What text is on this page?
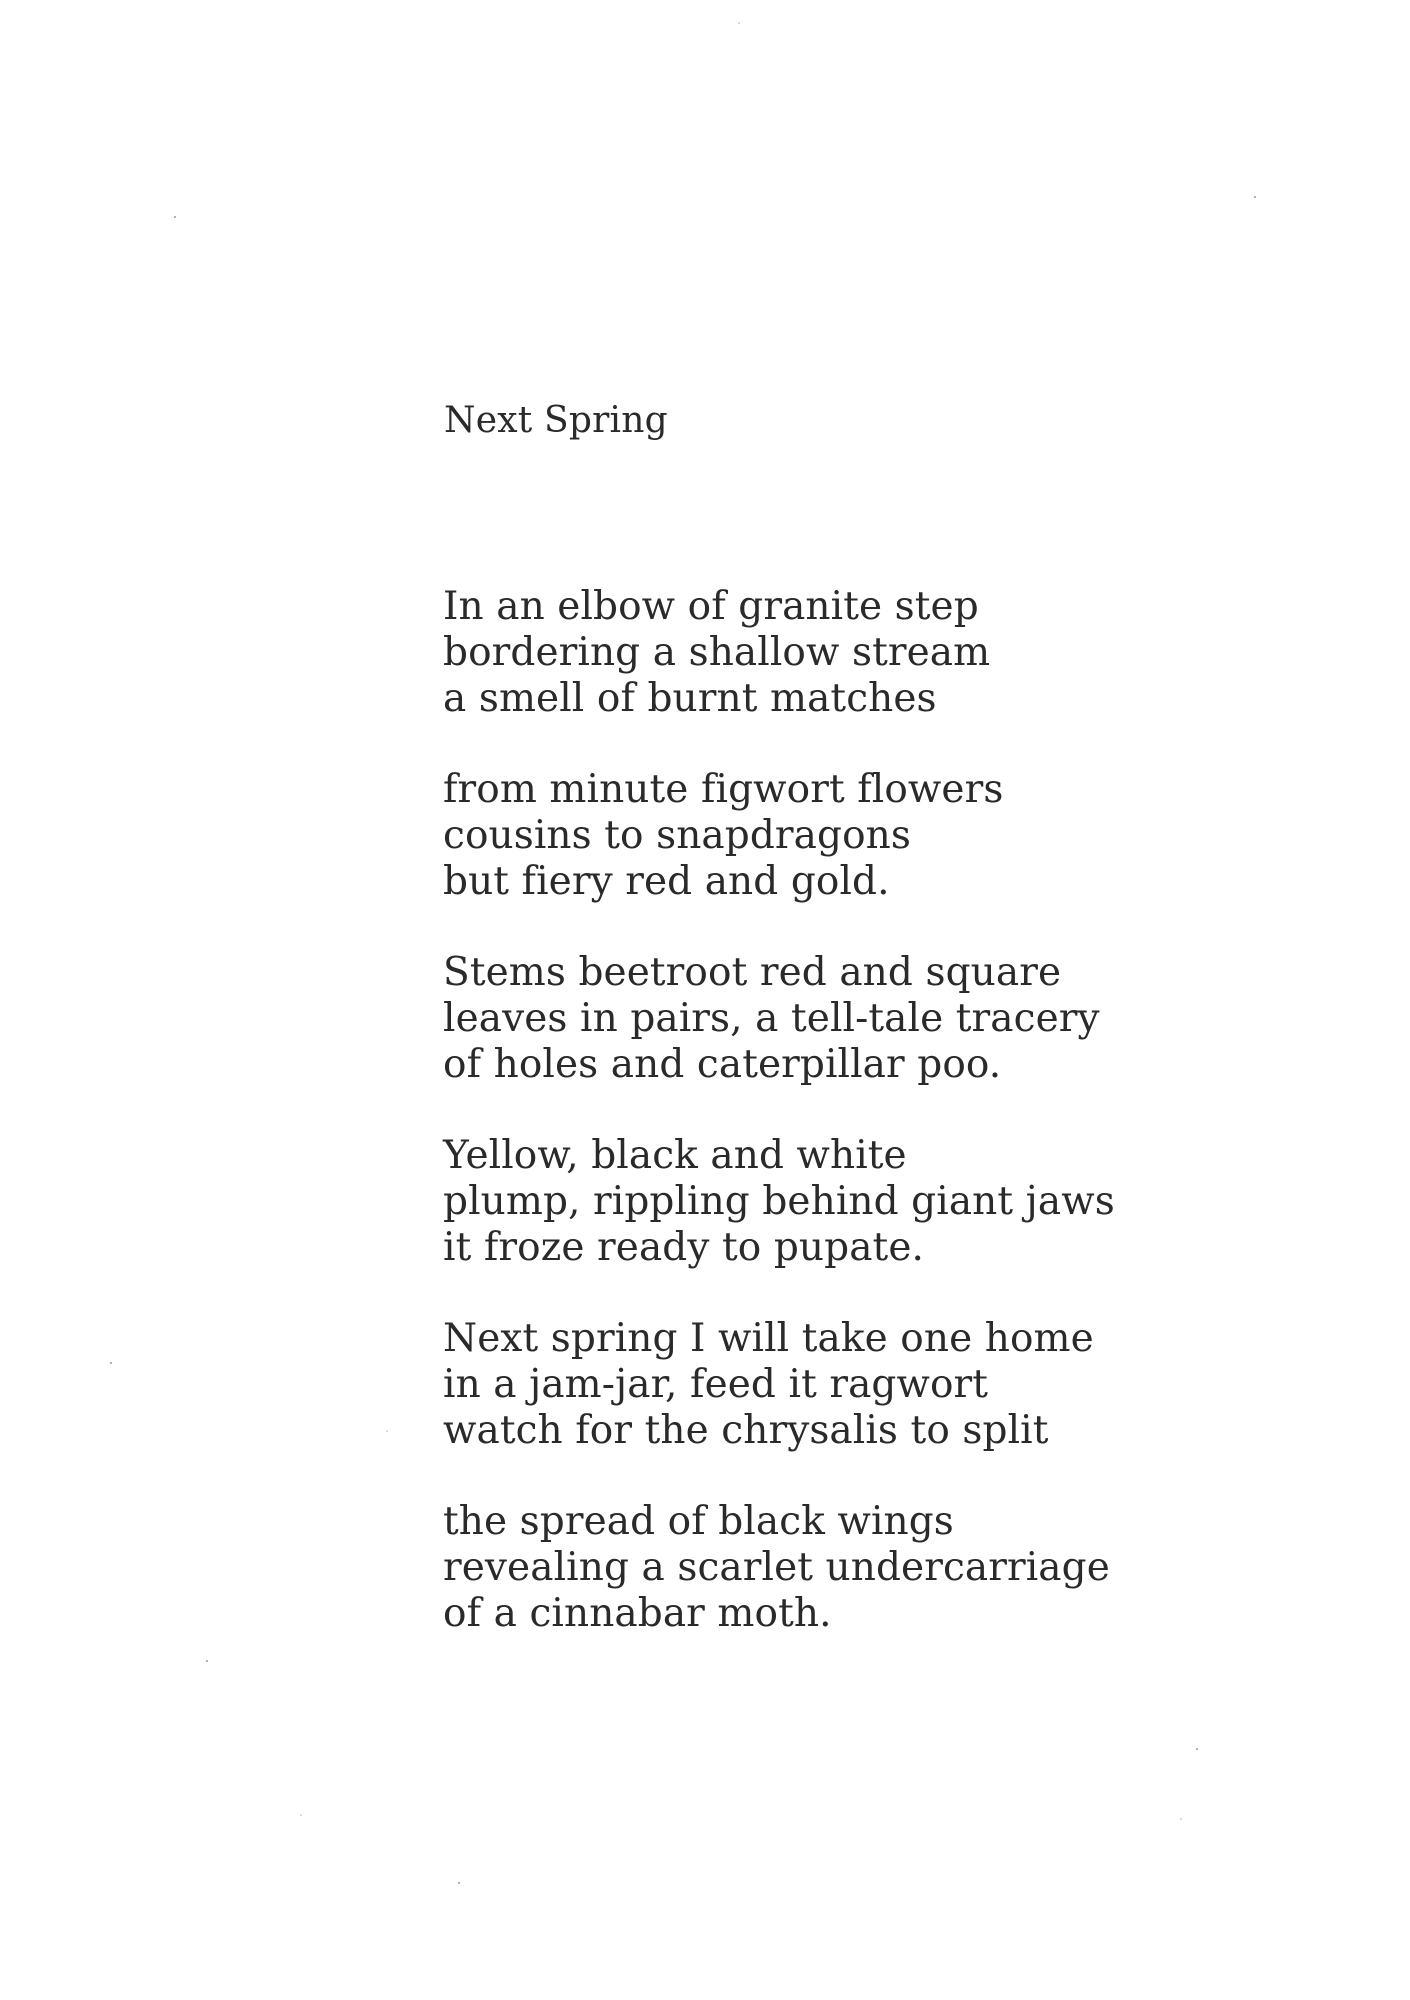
Next Spring
In an elbow of granite step
bordering a shallow stream
a smell of burnt matches
from minute figwort flowers
cousins to snapdragons
but fiery red and gold.
Stems beetroot red and square
leaves in pairs, a tell-tale tracery
of holes and caterpillar poo.
Yellow, black and white
plump, rippling behind giant jaws
it froze ready to pupate.
Next spring I will take one home
in a jam-jar, feed it ragwort
watch for the chrysalis to split
the spread of black wings
revealing a scarlet undercarriage
of a cinnabar moth.
